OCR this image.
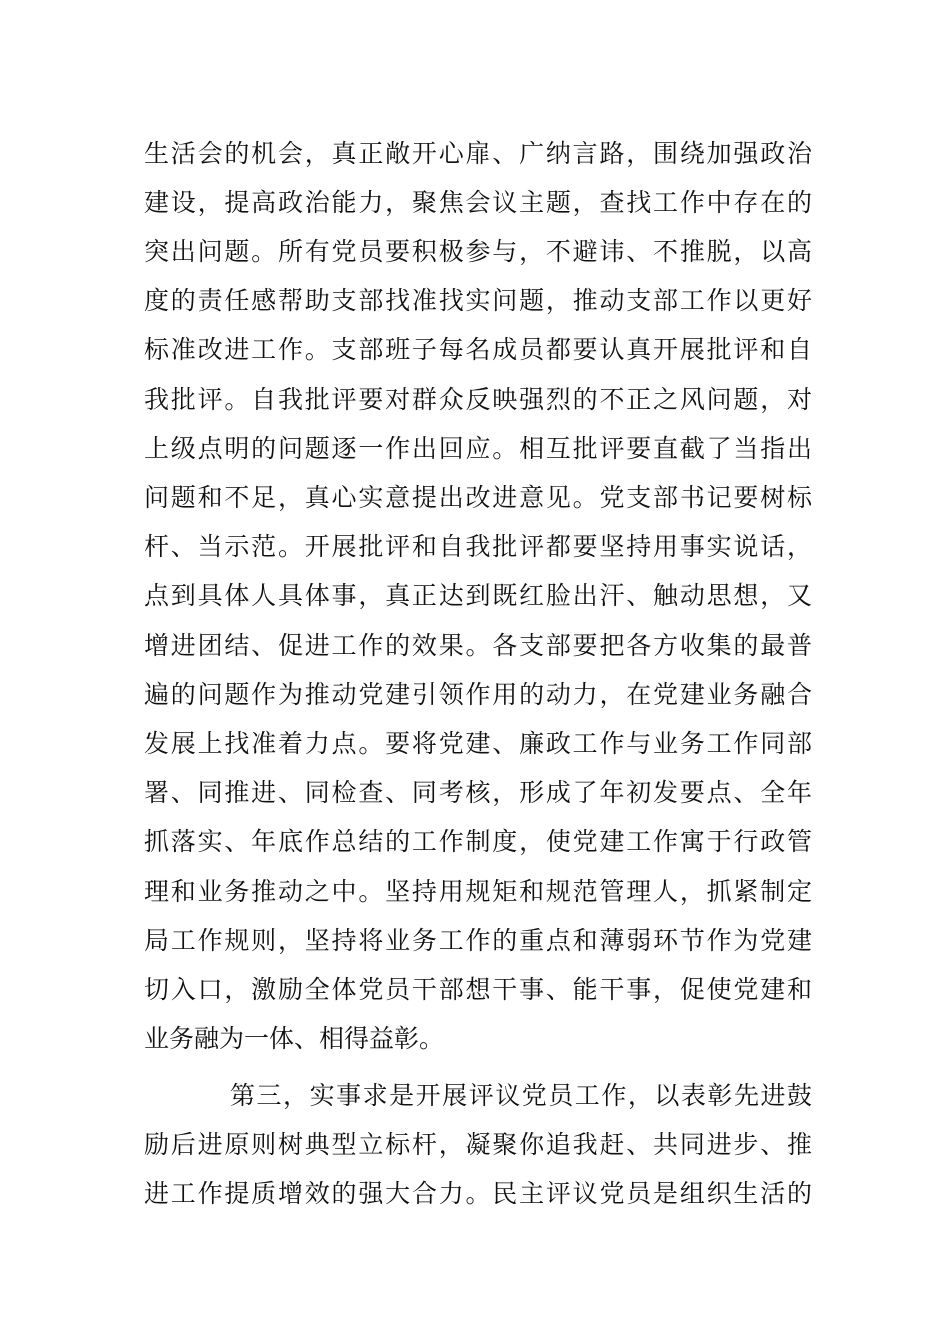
生活会的机会，真正敞开心扉、广纳言路，围绕加强政治
建设，提高政治能力，聚焦会议主题，查找工作中存在的
突出问题。所有党员要积极参与，不避讳、不推脱，以高
度的责任感帮助支部找准找实问题，推动支部工作以更好
标准改进工作。支部班子每名成员都要认真开展批评和自
我批评。自我批评要对群众反映强烈的不正之风问题，对
上级点明的问题逐一作出回应。相互批评要直截了当指出
问题和不足，真心实意提出改进意见。党支部书记要树标
杆、当示范。开展批评和自我批评都要坚持用事实说话，
点到具体人具体事，真正达到既红脸出汗、触动思想，又
增进团结、促进工作的效果。各支部要把各方收集的最普
遍的问题作为推动党建引领作用的动力，在党建业务融合
发展上找准着力点。要将党建、廉政工作与业务工作同部
署、同推进、同检查、同考核，形成了年初发要点、全年
抓落实、年底作总结的工作制度，使党建工作寓于行政管
理和业务推动之中。坚持用规矩和规范管理人，抓紧制定
局工作规则，坚持将业务工作的重点和薄弱环节作为党建
切入口，激励全体党员干部想干事、能干事，促使党建和
业务融为一体、相得益彰。
第三，实事求是开展评议党员工作，以表彰先进鼓
励后进原则树典型立标杆，凝聚你追我赶、共同进步、推
进工作提质增效的强大合力。民主评议党员是组织生活的
